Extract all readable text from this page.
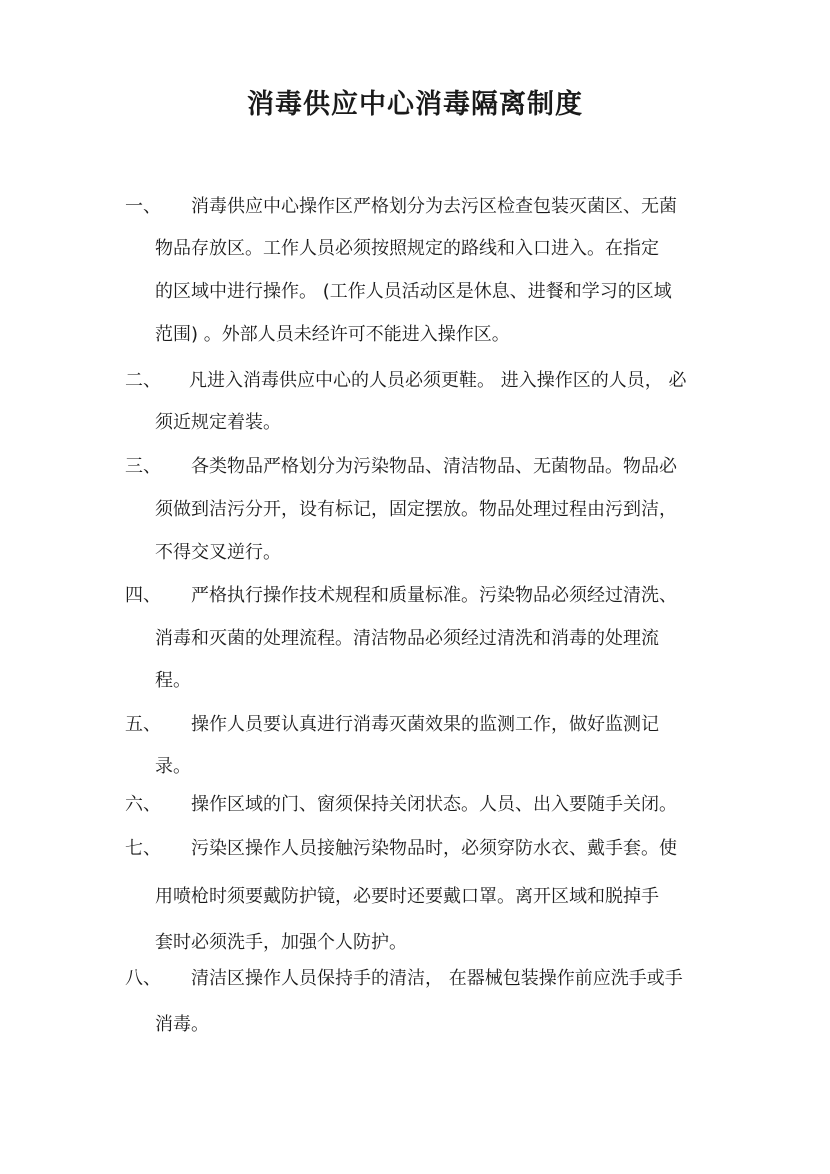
消毒供应中心消毒隔离制度
一、 消毒供应中心操作区严格划分为去污区检查包装灭菌区、无菌
物品存放区。工作人员必须按照规定的路线和入口进入。在指定
的区域中进行操作。 (工作人员活动区是休息、进餐和学习的区域
范围) 。外部人员未经许可不能进入操作区。
二、 凡进入消毒供应中心的人员必须更鞋。 进入操作区的人员， 必
须近规定着装。
三、 各类物品严格划分为污染物品、清洁物品、无菌物品。物品必
须做到洁污分开，设有标记，固定摆放。物品处理过程由污到洁，
不得交叉逆行。
四、 严格执行操作技术规程和质量标准。污染物品必须经过清洗、
消毒和灭菌的处理流程。清洁物品必须经过清洗和消毒的处理流
程。
五、 操作人员要认真进行消毒灭菌效果的监测工作，做好监测记
录。
六、 操作区域的门、窗须保持关闭状态。人员、出入要随手关闭。
七、 污染区操作人员接触污染物品时，必须穿防水衣、戴手套。使
用喷枪时须要戴防护镜，必要时还要戴口罩。离开区域和脱掉手
套时必须洗手，加强个人防护。
八、 清洁区操作人员保持手的清洁， 在器械包装操作前应洗手或手
消毒。
